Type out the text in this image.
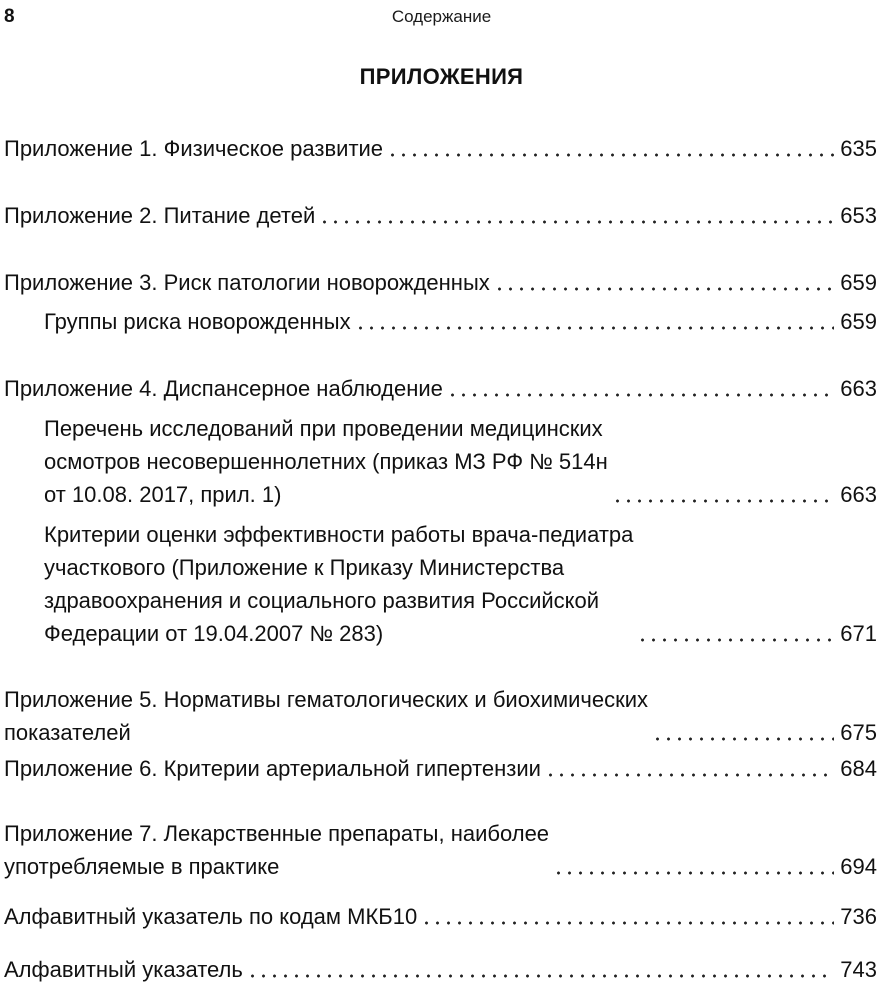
8	Содержание
ПРИЛОЖЕНИЯ
Приложение 1. Физическое развитие	635
Приложение 2. Питание детей	653
Приложение 3. Риск патологии новорожденных	659
Группы риска новорожденных	659
Приложение 4. Диспансерное наблюдение	663
Перечень исследований при проведении медицинских
осмотров несовершеннолетних (приказ МЗ РФ № 514н
от 10.08. 2017, прил. 1)	663
Критерии оценки эффективности работы врача-педиатра
участкового (Приложение к Приказу Министерства
здравоохранения и социального развития Российской
Федерации от 19.04.2007 № 283)	671
Приложение 5. Нормативы гематологических и биохимических
показателей	675
Приложение 6. Критерии артериальной гипертензии	684
Приложение 7. Лекарственные препараты, наиболее
употребляемые в практике	694
Алфавитный указатель по кодам МКБ10	736
Алфавитный указатель	743
